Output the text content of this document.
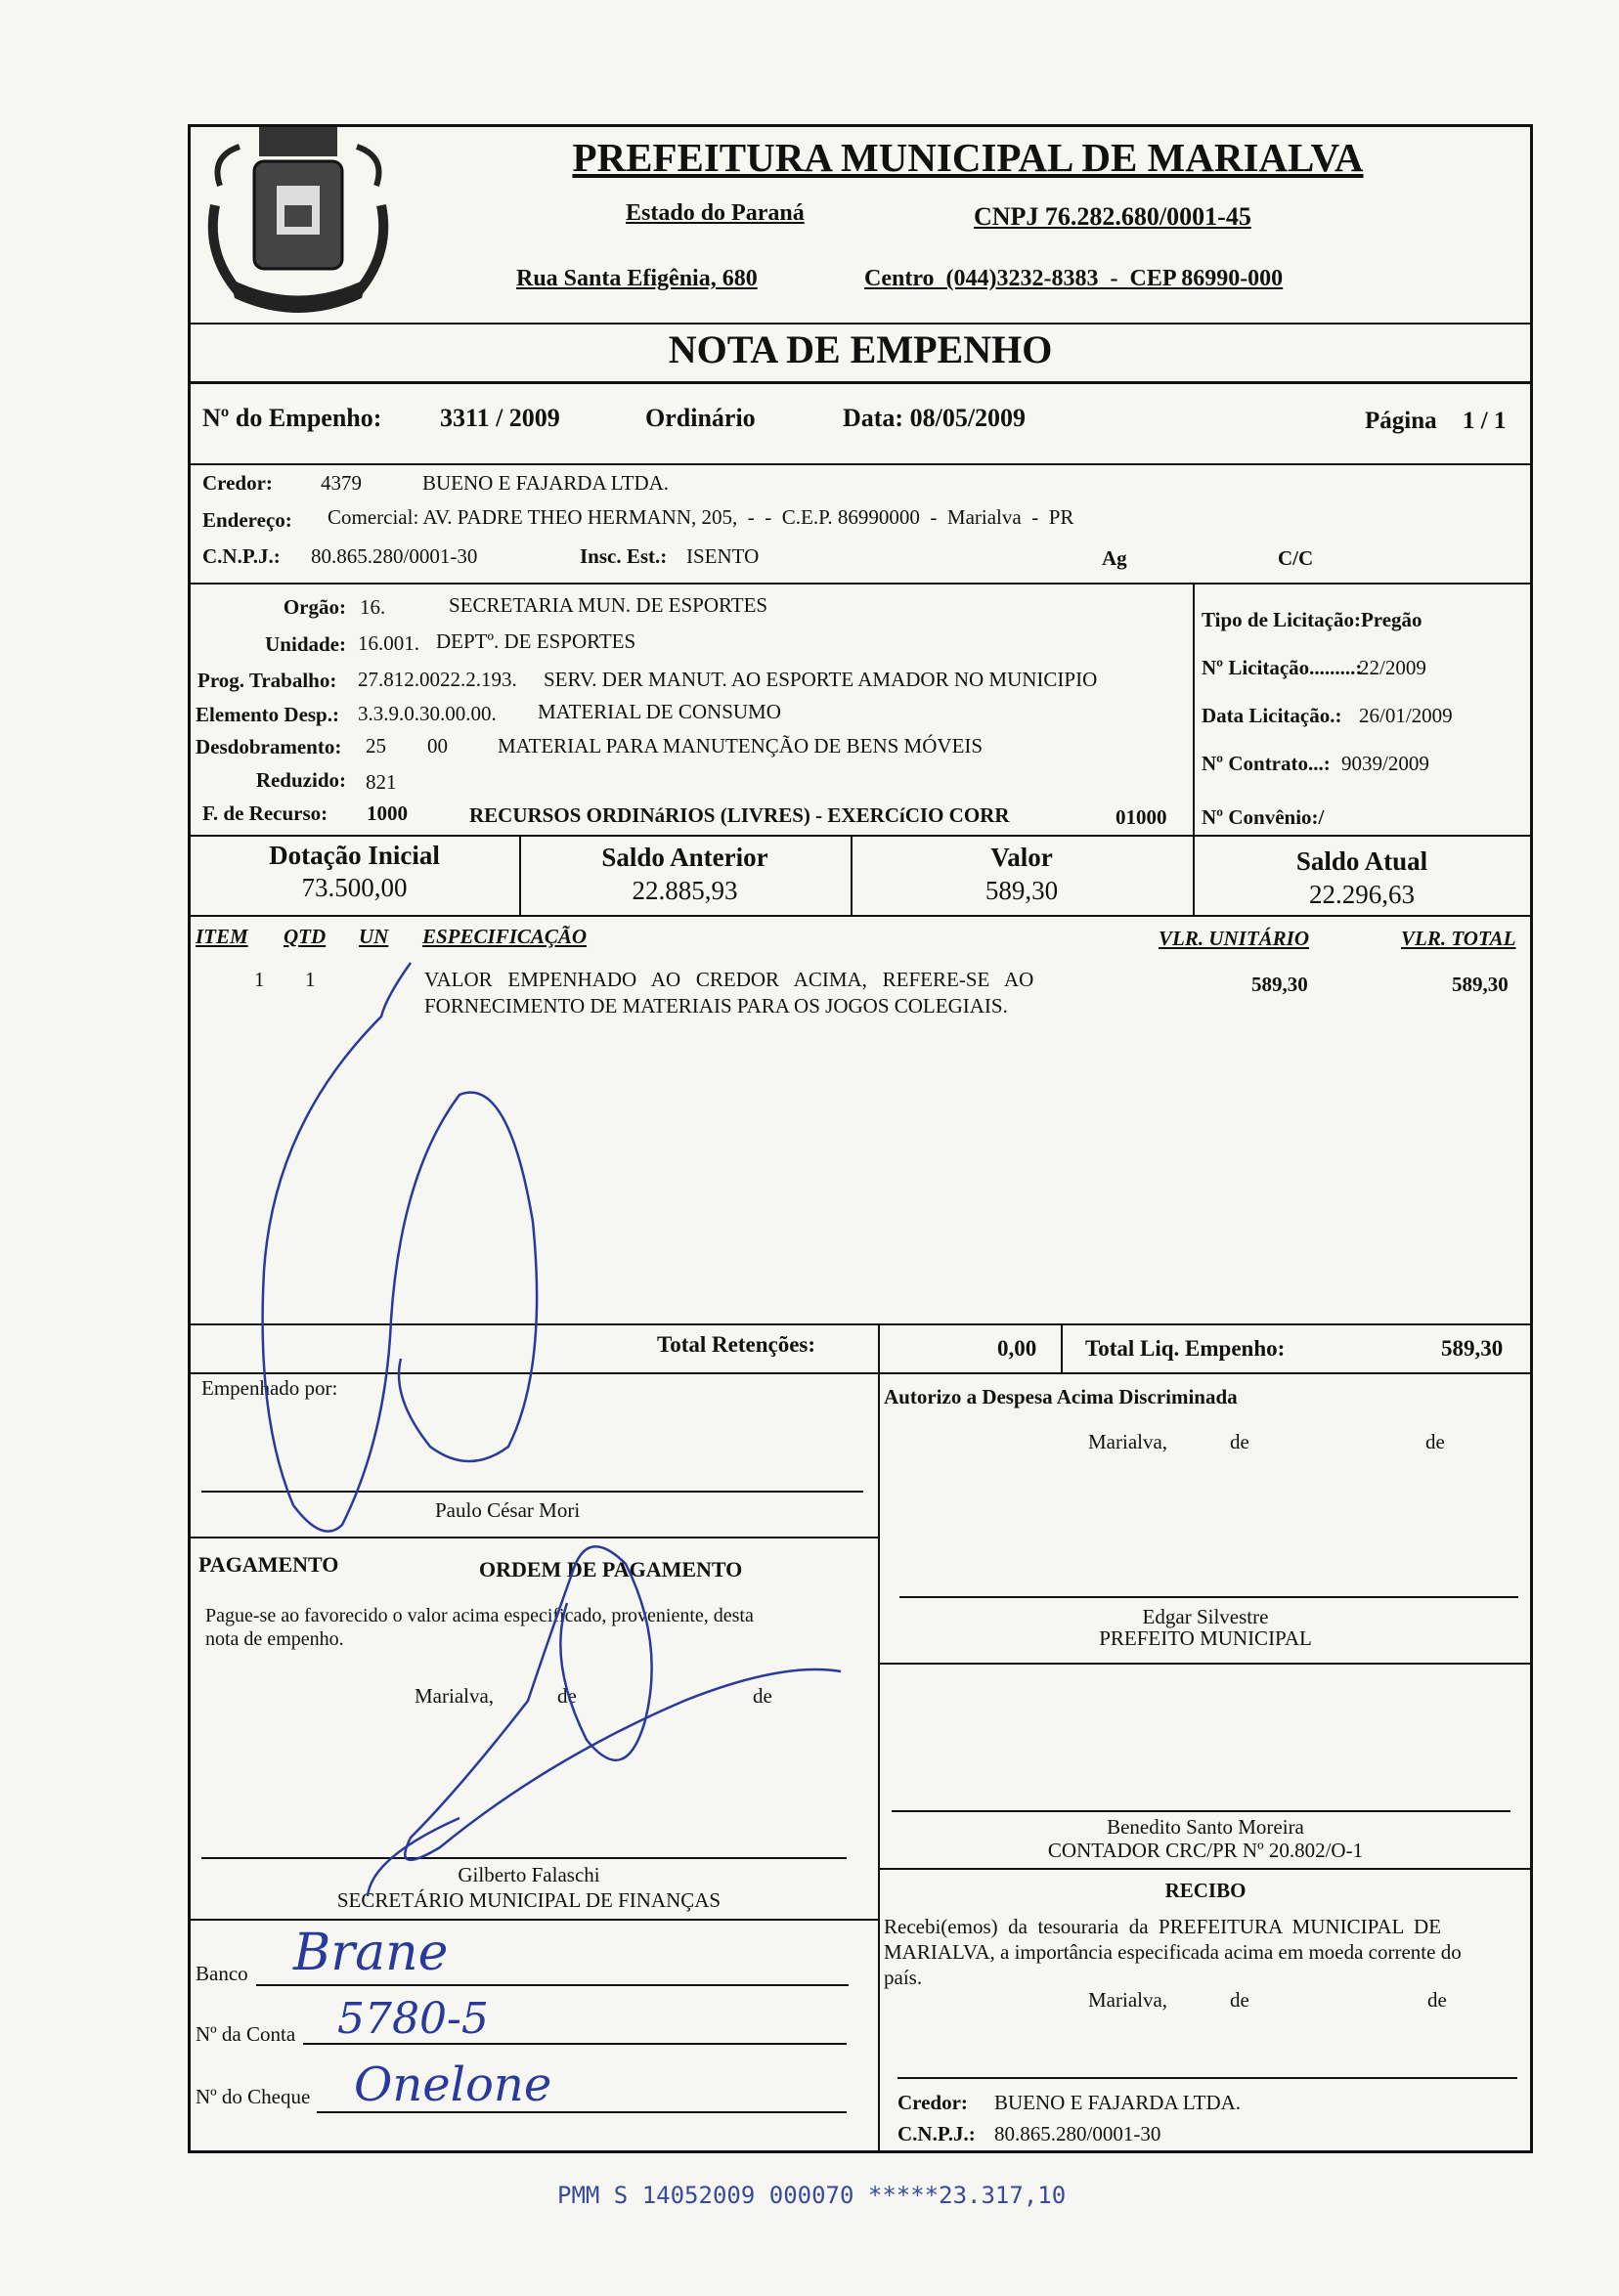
PREFEITURA MUNICIPAL DE MARIALVA
Estado do Paraná	CNPJ 76.282.680/0001-45
Rua Santa Efigênia, 680	Centro  (044)3232-8383  -  CEP 86990-000
NOTA DE EMPENHO
Nº do Empenho: 3311 / 2009	Ordinário	Data: 08/05/2009	Página 1 / 1
Credor: 4379	BUENO E FAJARDA LTDA.
Endereço: Comercial: AV. PADRE THEO HERMANN, 205,  -  -  C.E.P. 86990000  -  Marialva  -  PR
C.N.P.J.: 80.865.280/0001-30	Insc. Est.: ISENTO	Ag	C/C
Orgão: 16.	SECRETARIA MUN. DE ESPORTES
Unidade: 16.001. DEPTº. DE ESPORTES
Prog. Trabalho: 27.812.0022.2.193. SERV. DER MANUT. AO ESPORTE AMADOR NO MUNICIPIO
Elemento Desp.: 3.3.9.0.30.00.00. MATERIAL DE CONSUMO
Desdobramento: 25 00 MATERIAL PARA MANUTENÇÃO DE BENS MÓVEIS
Reduzido: 821
F. de Recurso: 1000	RECURSOS ORDINáRIOS (LIVRES) - EXERCíCIO CORR	01000
Tipo de Licitação:Pregão
Nº Licitação.........:
22/2009
Data Licitação.: 26/01/2009
Nº Contrato...: 9039/2009
Nº Convênio:/
Dotação Inicial
73.500,00
Saldo Anterior
22.885,93
Valor
589,30
Saldo Atual
22.296,63
ITEM QTD UN ESPECIFICAÇÃO	VLR. UNITÁRIO	VLR. TOTAL
1 1	VALOR   EMPENHADO   AO   CREDOR   ACIMA,   REFERE-SE   AO
FORNECIMENTO DE MATERIAIS PARA OS JOGOS COLEGIAIS.
589,30	589,30
Total Retenções:	0,00 Total Liq. Empenho:	589,30
Empenhado por:
Paulo César Mori
Autorizo a Despesa Acima Discriminada
Marialva,	de	de
Edgar Silvestre
PREFEITO MUNICIPAL
Benedito Santo Moreira
CONTADOR CRC/PR Nº 20.802/O-1
RECIBO
Recebi(emos)  da  tesouraria  da  PREFEITURA  MUNICIPAL  DE
MARIALVA, a importância especificada acima em moeda corrente do
país.
Marialva,	de	de
Credor: BUENO E FAJARDA LTDA.
C.N.P.J.: 80.865.280/0001-30
PAGAMENTO	ORDEM DE PAGAMENTO
Pague-se ao favorecido o valor acima especificado, proveniente, desta
nota de empenho.
Marialva,	de	de
Gilberto Falaschi
SECRETÁRIO MUNICIPAL DE FINANÇAS
Banco Brane
Nº da Conta 5780-5
Nº do Cheque Onelone
PMM S 14052009 000070 *****23.317,10
